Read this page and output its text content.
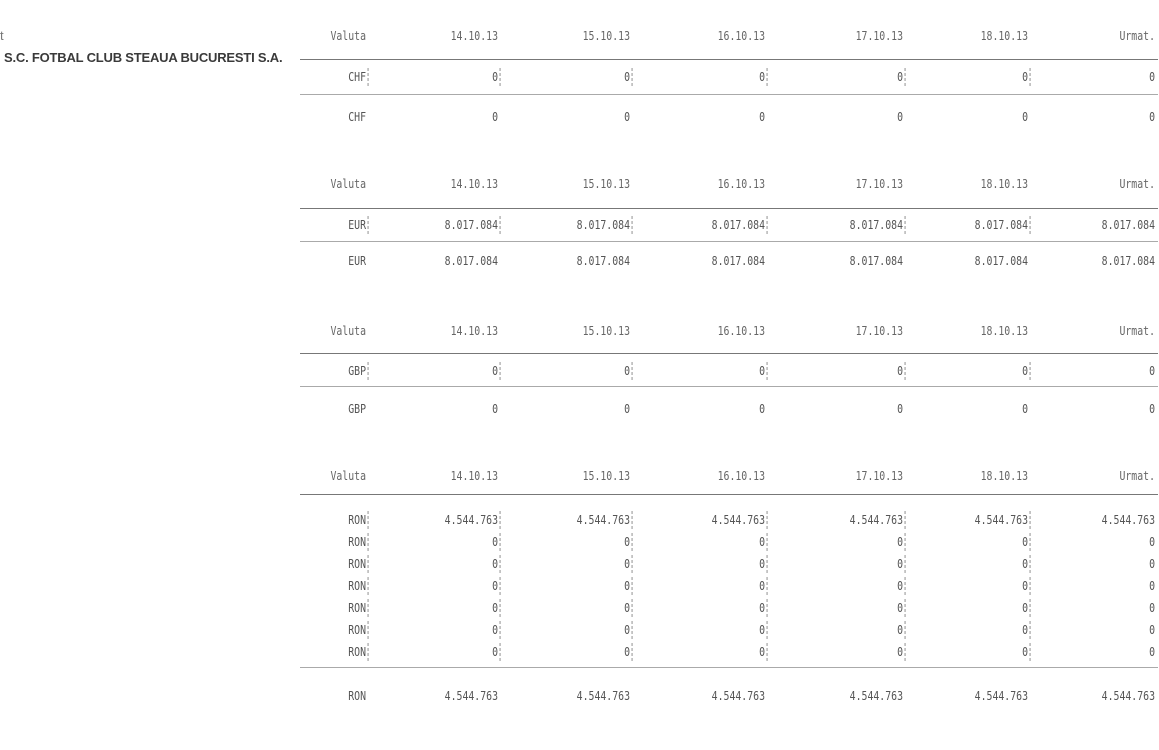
t
S.C. FOTBAL CLUB STEAUA BUCURESTI S.A.
Valuta	14.10.13	15.10.13	16.10.13	17.10.13	18.10.13	Urmat.
CHF	0	0	0	0	0	0
CHF	0	0	0	0	0	0
Valuta	14.10.13	15.10.13	16.10.13	17.10.13	18.10.13	Urmat.
EUR	8.017.084	8.017.084	8.017.084	8.017.084	8.017.084	8.017.084
EUR	8.017.084	8.017.084	8.017.084	8.017.084	8.017.084	8.017.084
Valuta	14.10.13	15.10.13	16.10.13	17.10.13	18.10.13	Urmat.
GBP	0	0	0	0	0	0
GBP	0	0	0	0	0	0
Valuta	14.10.13	15.10.13	16.10.13	17.10.13	18.10.13	Urmat.
RON	4.544.763	4.544.763	4.544.763	4.544.763	4.544.763	4.544.763
RON	0	0	0	0	0	0
RON	0	0	0	0	0	0
RON	0	0	0	0	0	0
RON	0	0	0	0	0	0
RON	0	0	0	0	0	0
RON	0	0	0	0	0	0
RON	4.544.763	4.544.763	4.544.763	4.544.763	4.544.763	4.544.763
